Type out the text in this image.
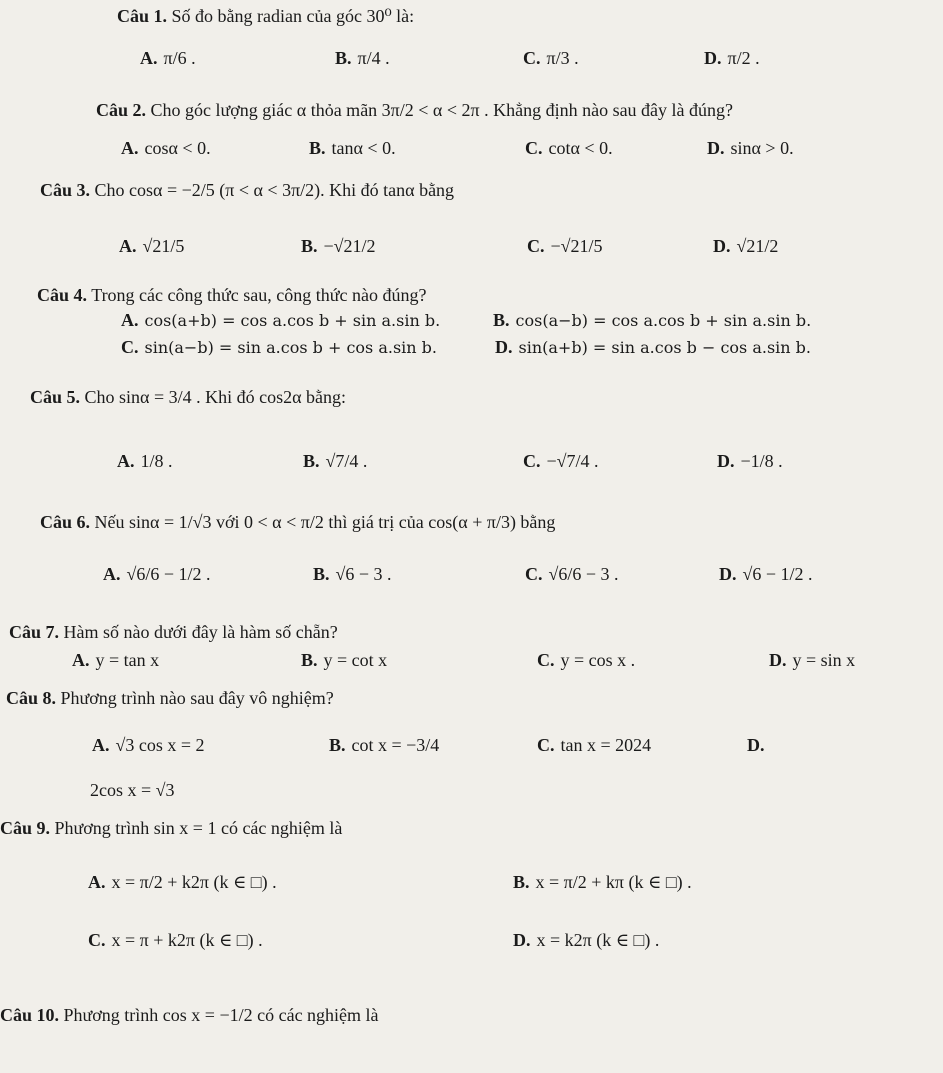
Câu 1. Số đo bằng radian của góc 30⁰ là:
A. π/6 .	B. π/4 .	C. π/3 .	D. π/2 .
Câu 2. Cho góc lượng giác α thỏa mãn 3π/2 < α < 2π . Khẳng định nào sau đây là đúng?
A. cosα < 0.	B. tanα < 0.	C. cotα < 0.	D. sinα > 0.
Câu 3. Cho cosα = −2/5 (π < α < 3π/2). Khi đó tanα bằng
A. √21/5	B. −√21/2	C. −√21/5	D. √21/2
Câu 4. Trong các công thức sau, công thức nào đúng?
A. cos(a+b) = cos a.cos b + sin a.sin b.	B. cos(a−b) = cos a.cos b + sin a.sin b.
C. sin(a−b) = sin a.cos b + cos a.sin b.	D. sin(a+b) = sin a.cos b − cos a.sin b.
Câu 5. Cho sinα = 3/4 . Khi đó cos2α bằng:
A. 1/8 .	B. √7/4 .	C. −√7/4 .	D. −1/8 .
Câu 6. Nếu sinα = 1/√3 với 0 < α < π/2 thì giá trị của cos(α + π/3) bằng
A. √6/6 − 1/2 .	B. √6 − 3 .	C. √6/6 − 3 .	D. √6 − 1/2 .
Câu 7. Hàm số nào dưới đây là hàm số chẵn?
A. y = tan x	B. y = cot x	C. y = cos x .	D. y = sin x
Câu 8. Phương trình nào sau đây vô nghiệm?
A. √3 cos x = 2	B. cot x = −3/4	C. tan x = 2024	D.
2cos x = √3
Câu 9. Phương trình sin x = 1 có các nghiệm là
A. x = π/2 + k2π (k ∈ □) .	B. x = π/2 + kπ (k ∈ □) .
C. x = π + k2π (k ∈ □) .	D. x = k2π (k ∈ □) .
Câu 10. Phương trình cos x = −1/2 có các nghiệm là
